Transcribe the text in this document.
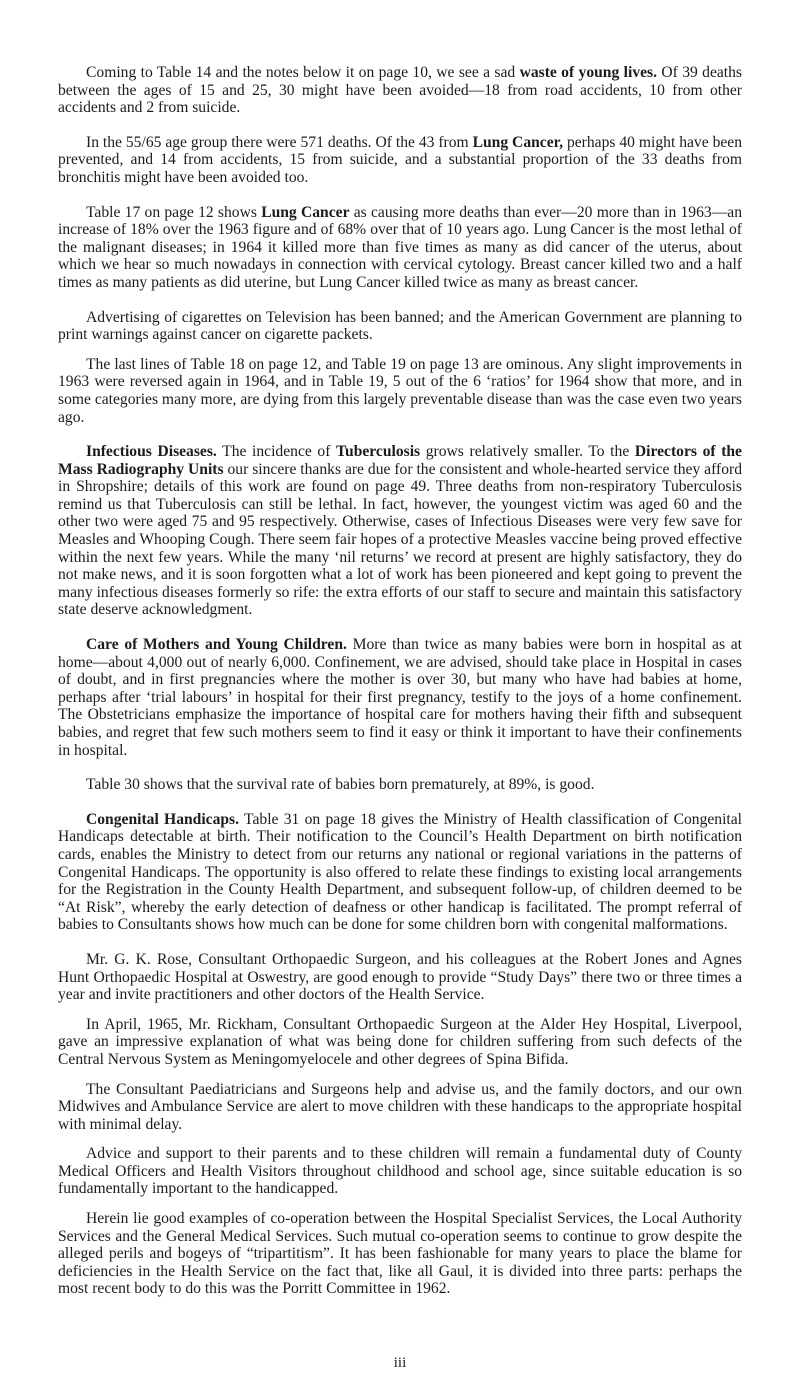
Coming to Table 14 and the notes below it on page 10, we see a sad waste of young lives. Of 39 deaths between the ages of 15 and 25, 30 might have been avoided—18 from road accidents, 10 from other accidents and 2 from suicide.

In the 55/65 age group there were 571 deaths. Of the 43 from Lung Cancer, perhaps 40 might have been prevented, and 14 from accidents, 15 from suicide, and a substantial proportion of the 33 deaths from bronchitis might have been avoided too.

Table 17 on page 12 shows Lung Cancer as causing more deaths than ever—20 more than in 1963—an increase of 18% over the 1963 figure and of 68% over that of 10 years ago. Lung Cancer is the most lethal of the malignant diseases; in 1964 it killed more than five times as many as did cancer of the uterus, about which we hear so much nowadays in connection with cervical cytology. Breast cancer killed two and a half times as many patients as did uterine, but Lung Cancer killed twice as many as breast cancer.

Advertising of cigarettes on Television has been banned; and the American Government are planning to print warnings against cancer on cigarette packets.

The last lines of Table 18 on page 12, and Table 19 on page 13 are ominous. Any slight improvements in 1963 were reversed again in 1964, and in Table 19, 5 out of the 6 ‘ratios’ for 1964 show that more, and in some categories many more, are dying from this largely preventable disease than was the case even two years ago.

Infectious Diseases. The incidence of Tuberculosis grows relatively smaller. To the Directors of the Mass Radiography Units our sincere thanks are due for the consistent and whole-hearted service they afford in Shropshire; details of this work are found on page 49. Three deaths from non-respiratory Tuberculosis remind us that Tuberculosis can still be lethal. In fact, however, the youngest victim was aged 60 and the other two were aged 75 and 95 respectively. Otherwise, cases of Infectious Diseases were very few save for Measles and Whooping Cough. There seem fair hopes of a protective Measles vaccine being proved effective within the next few years. While the many ‘nil returns’ we record at present are highly satisfactory, they do not make news, and it is soon forgotten what a lot of work has been pioneered and kept going to prevent the many infectious diseases formerly so rife: the extra efforts of our staff to secure and maintain this satisfactory state deserve acknowledgment.

Care of Mothers and Young Children. More than twice as many babies were born in hospital as at home—about 4,000 out of nearly 6,000. Confinement, we are advised, should take place in Hospital in cases of doubt, and in first pregnancies where the mother is over 30, but many who have had babies at home, perhaps after ‘trial labours’ in hospital for their first pregnancy, testify to the joys of a home confinement. The Obstetricians emphasize the importance of hospital care for mothers having their fifth and subsequent babies, and regret that few such mothers seem to find it easy or think it important to have their confinements in hospital.

Table 30 shows that the survival rate of babies born prematurely, at 89%, is good.

Congenital Handicaps. Table 31 on page 18 gives the Ministry of Health classification of Congenital Handicaps detectable at birth. Their notification to the Council’s Health Department on birth notification cards, enables the Ministry to detect from our returns any national or regional variations in the patterns of Congenital Handicaps. The opportunity is also offered to relate these findings to existing local arrangements for the Registration in the County Health Department, and subsequent follow-up, of children deemed to be “At Risk”, whereby the early detection of deafness or other handicap is facilitated. The prompt referral of babies to Consultants shows how much can be done for some children born with congenital malformations.

Mr. G. K. Rose, Consultant Orthopaedic Surgeon, and his colleagues at the Robert Jones and Agnes Hunt Orthopaedic Hospital at Oswestry, are good enough to provide “Study Days” there two or three times a year and invite practitioners and other doctors of the Health Service.

In April, 1965, Mr. Rickham, Consultant Orthopaedic Surgeon at the Alder Hey Hospital, Liverpool, gave an impressive explanation of what was being done for children suffering from such defects of the Central Nervous System as Meningomyelocele and other degrees of Spina Bifida.

The Consultant Paediatricians and Surgeons help and advise us, and the family doctors, and our own Midwives and Ambulance Service are alert to move children with these handicaps to the appropriate hospital with minimal delay.

Advice and support to their parents and to these children will remain a fundamental duty of County Medical Officers and Health Visitors throughout childhood and school age, since suitable education is so fundamentally important to the handicapped.

Herein lie good examples of co-operation between the Hospital Specialist Services, the Local Authority Services and the General Medical Services. Such mutual co-operation seems to continue to grow despite the alleged perils and bogeys of “tripartitism”. It has been fashionable for many years to place the blame for deficiencies in the Health Service on the fact that, like all Gaul, it is divided into three parts: perhaps the most recent body to do this was the Porritt Committee in 1962.

iii
